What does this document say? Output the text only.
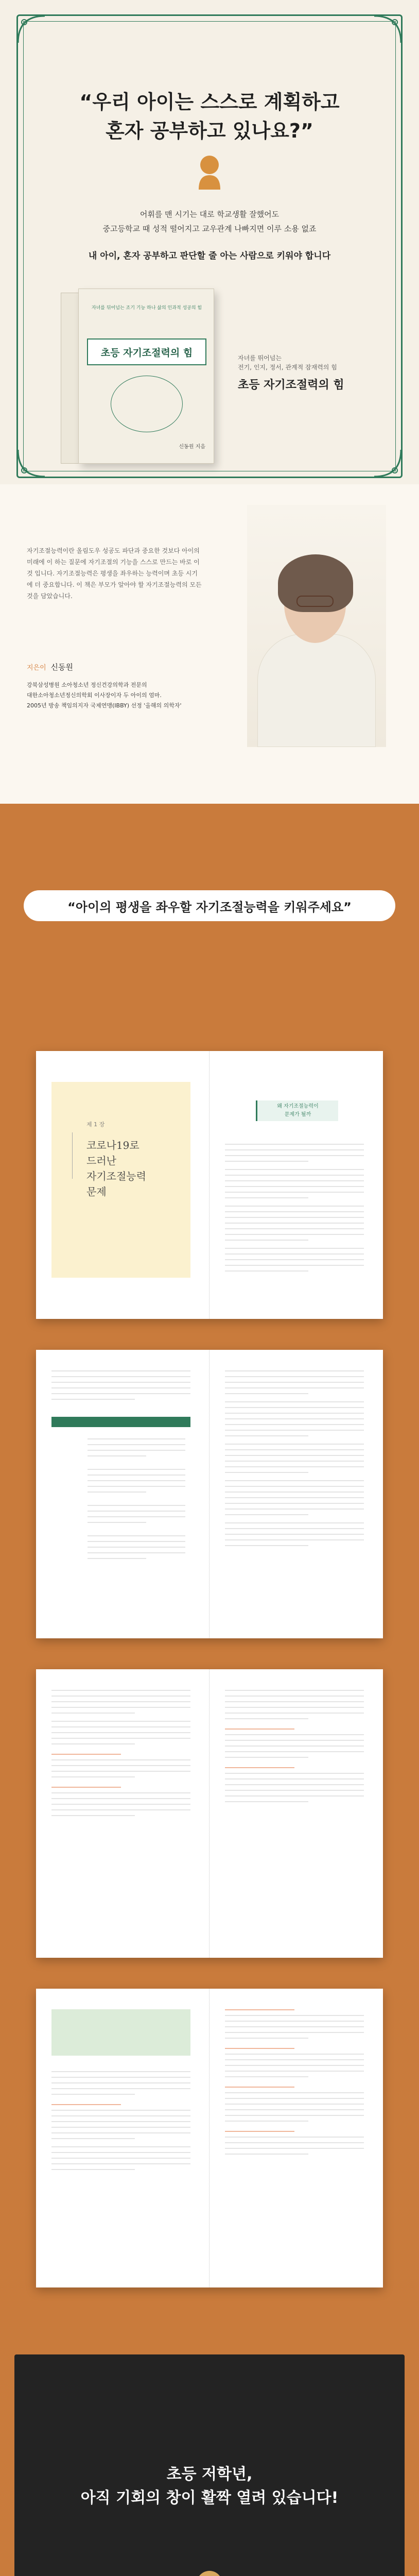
“우리 아이는 스스로 계획하고
혼자 공부하고 있나요?”

어휘를 맨 시기는 대로 학교생활 잘했어도
중고등학교 때 성적 떨어지고 교우관계 나빠지면 이루 소용 없죠

내 아이, 혼자 공부하고 판단할 줄 아는 사람으로 키워야 합니다

자녀를 뒤어넘는 조기 기능 하나 삶의 인과적 성공의 힘
초등 자기조절력의 힘
신동원 지음
자녀를 뛰어넘는
전기, 인지, 정서, 관계적 잠재력의 힘
초등 자기조절력의 힘

자기조절능력이란 올림도우 성공도 파단과 중요한 것보다 아이의 미래에 이 하는 질문에 자기조절의 기능을 스스로 만드는 바로 이것 입니다. 자기조절능력은 평생을 좌우하는 능력이며 초등 시기에 더 중요합니다. 이 책은 부모가 알아야 할 자기조절능력의 모든 것을 담았습니다.

지은이 신동원
강북삼성병원 소아청소년 정신건강의학과 전문의
대한소아청소년정신의학회 이사장이자 두 아이의 엄마.
2005년 방송 책임의지자 국제연맹(IBBY) 선정 '올해의 의학자'
“아이의 평생을 좌우할 자기조절능력을 키워주세요”
제 1 장
코로나19로
드러난
자기조절능력
문제
왜 자기조절능력이
문제가 될까
초등 저학년,
아직 기회의 창이 활짝 열려 있습니다!
